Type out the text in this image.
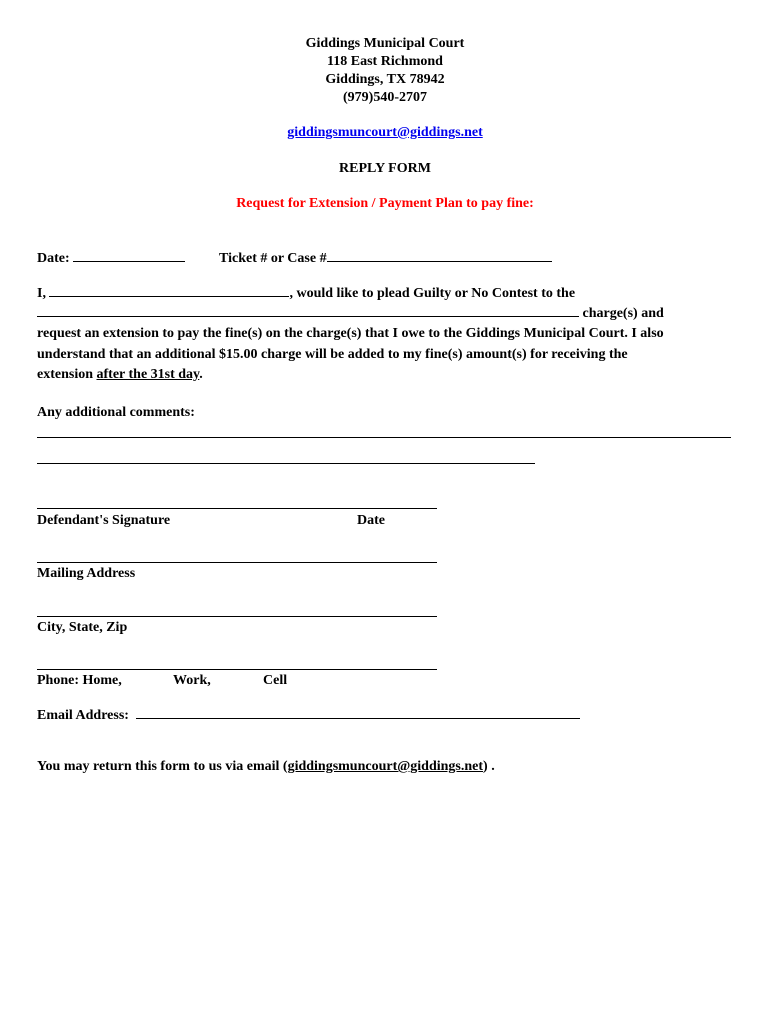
Giddings Municipal Court
118 East Richmond
Giddings, TX 78942
(979)540-2707
giddingsmuncourt@giddings.net
REPLY FORM
Request for Extension / Payment Plan to pay fine:
Date:	Ticket # or Case #
I,	, would like to plead Guilty or No Contest to the
charge(s) and
request an extension to pay the fine(s) on the charge(s) that I owe to the Giddings Municipal Court. I also
understand that an additional $15.00 charge will be added to my fine(s) amount(s) for receiving the
extension after the 31st day.
Any additional comments:
Defendant's Signature	Date
Mailing Address
City, State, Zip
Phone: Home,	Work,	Cell
Email Address:
You may return this form to us via email (giddingsmuncourt@giddings.net) .
